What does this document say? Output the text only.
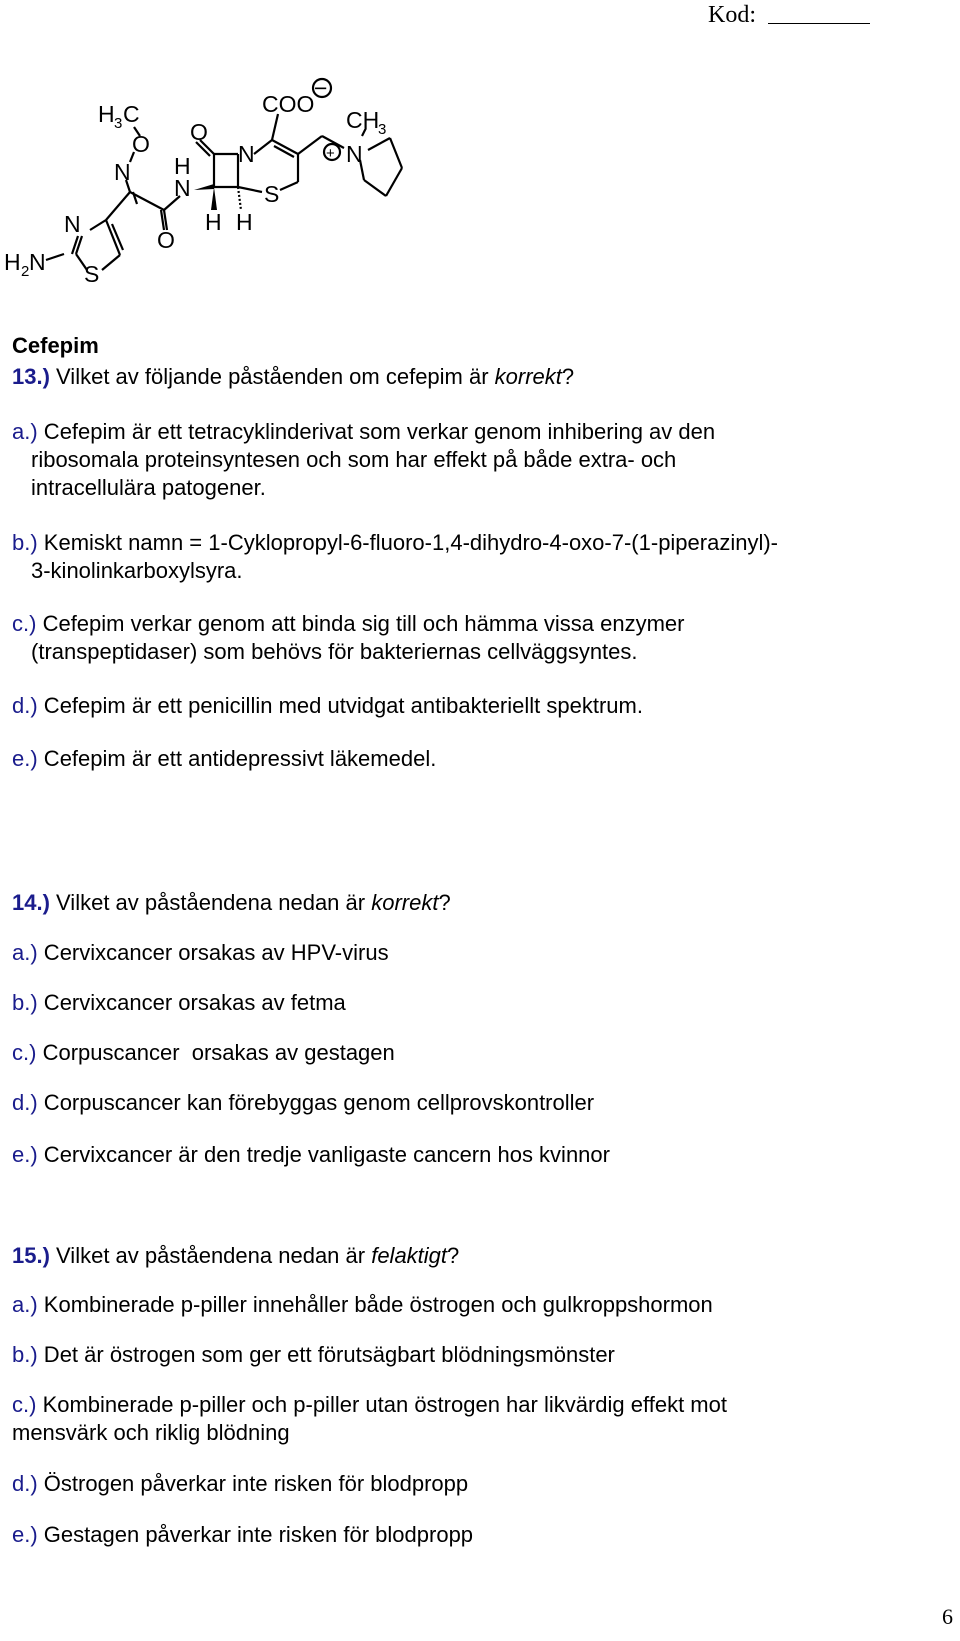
Kod:
H 3 C
O
N
N
S
H 2 N
O
H
N
O
N
H H
S
COO
−
+
CH
3
N
Cefepim
13.) Vilket av följande påståenden om cefepim är korrekt?
a.) Cefepim är ett tetracyklinderivat som verkar genom inhibering av den
ribosomala proteinsyntesen och som har effekt på både extra- och
intracellulära patogener.
b.) Kemiskt namn = 1-Cyklopropyl-6-fluoro-1,4-dihydro-4-oxo-7-(1-piperazinyl)-
3-kinolinkarboxylsyra.
c.) Cefepim verkar genom att binda sig till och hämma vissa enzymer
(transpeptidaser) som behövs för bakteriernas cellväggsyntes.
d.) Cefepim är ett penicillin med utvidgat antibakteriellt spektrum.
e.) Cefepim är ett antidepressivt läkemedel.
14.) Vilket av påståendena nedan är korrekt?
a.) Cervixcancer orsakas av HPV-virus
b.) Cervixcancer orsakas av fetma
c.) Corpuscancer  orsakas av gestagen
d.) Corpuscancer kan förebyggas genom cellprovskontroller
e.) Cervixcancer är den tredje vanligaste cancern hos kvinnor
15.) Vilket av påståendena nedan är felaktigt?
a.) Kombinerade p-piller innehåller både östrogen och gulkroppshormon
b.) Det är östrogen som ger ett förutsägbart blödningsmönster
c.) Kombinerade p-piller och p-piller utan östrogen har likvärdig effekt mot
mensvärk och riklig blödning
d.) Östrogen påverkar inte risken för blodpropp
e.) Gestagen påverkar inte risken för blodpropp
6
